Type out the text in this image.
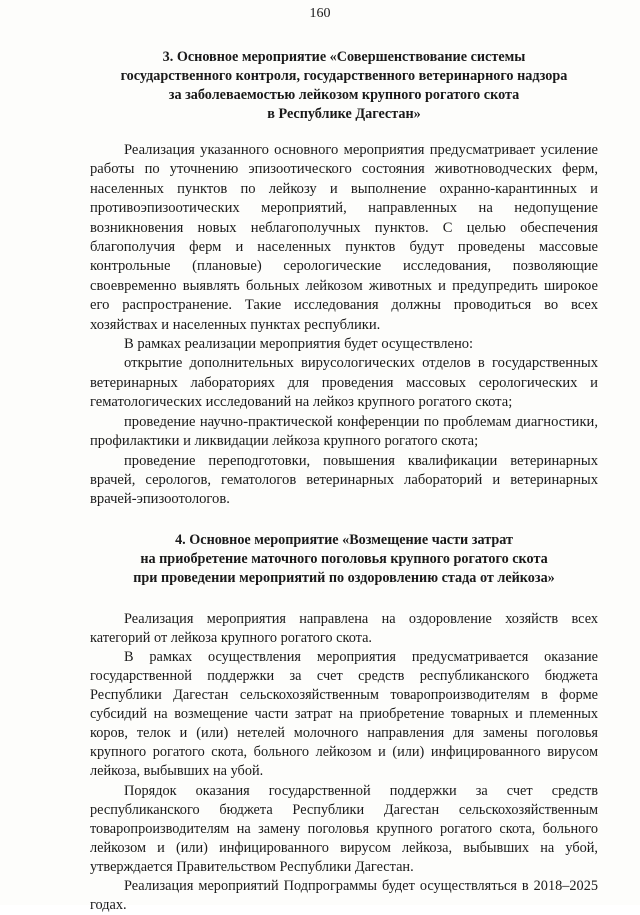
160
3. Основное мероприятие «Совершенствование системы
государственного контроля, государственного ветеринарного надзора
за заболеваемостью лейкозом крупного рогатого скота
в Республике Дагестан»

Реализация указанного основного мероприятия предусматривает усиление работы по уточнению эпизоотического состояния животноводческих ферм, населенных пунктов по лейкозу и выполнение охранно-карантинных и противоэпизоотических мероприятий, направленных на недопущение возникновения новых неблагополучных пунктов. С целью обеспечения благополучия ферм и населенных пунктов будут проведены массовые контрольные (плановые) серологические исследования, позволяющие своевременно выявлять больных лейкозом животных и предупредить широкое его распространение. Такие исследования должны проводиться во всех хозяйствах и населенных пунктах республики.

В рамках реализации мероприятия будет осуществлено:

открытие дополнительных вирусологических отделов в государственных ветеринарных лабораториях для проведения массовых серологических и гематологических исследований на лейкоз крупного рогатого скота;

проведение научно-практической конференции по проблемам диагностики, профилактики и ликвидации лейкоза крупного рогатого скота;

проведение переподготовки, повышения квалификации ветеринарных врачей, серологов, гематологов ветеринарных лабораторий и ветеринарных врачей-эпизоотологов.

4. Основное мероприятие «Возмещение части затрат
на приобретение маточного поголовья крупного рогатого скота
при проведении мероприятий по оздоровлению стада от лейкоза»

Реализация мероприятия направлена на оздоровление хозяйств всех категорий от лейкоза крупного рогатого скота.

В рамках осуществления мероприятия предусматривается оказание государственной поддержки за счет средств республиканского бюджета Республики Дагестан сельскохозяйственным товаропроизводителям в форме субсидий на возмещение части затрат на приобретение товарных и племенных коров, телок и (или) нетелей молочного направления для замены поголовья крупного рогатого скота, больного лейкозом и (или) инфицированного вирусом лейкоза, выбывших на убой.

Порядок оказания государственной поддержки за счет средств республиканского бюджета Республики Дагестан сельскохозяйственным товаропроизводителям на замену поголовья крупного рогатого скота, больного лейкозом и (или) инфицированного вирусом лейкоза, выбывших на убой, утверждается Правительством Республики Дагестан.

Реализация мероприятий Подпрограммы будет осуществляться в 2018–2025 годах.
